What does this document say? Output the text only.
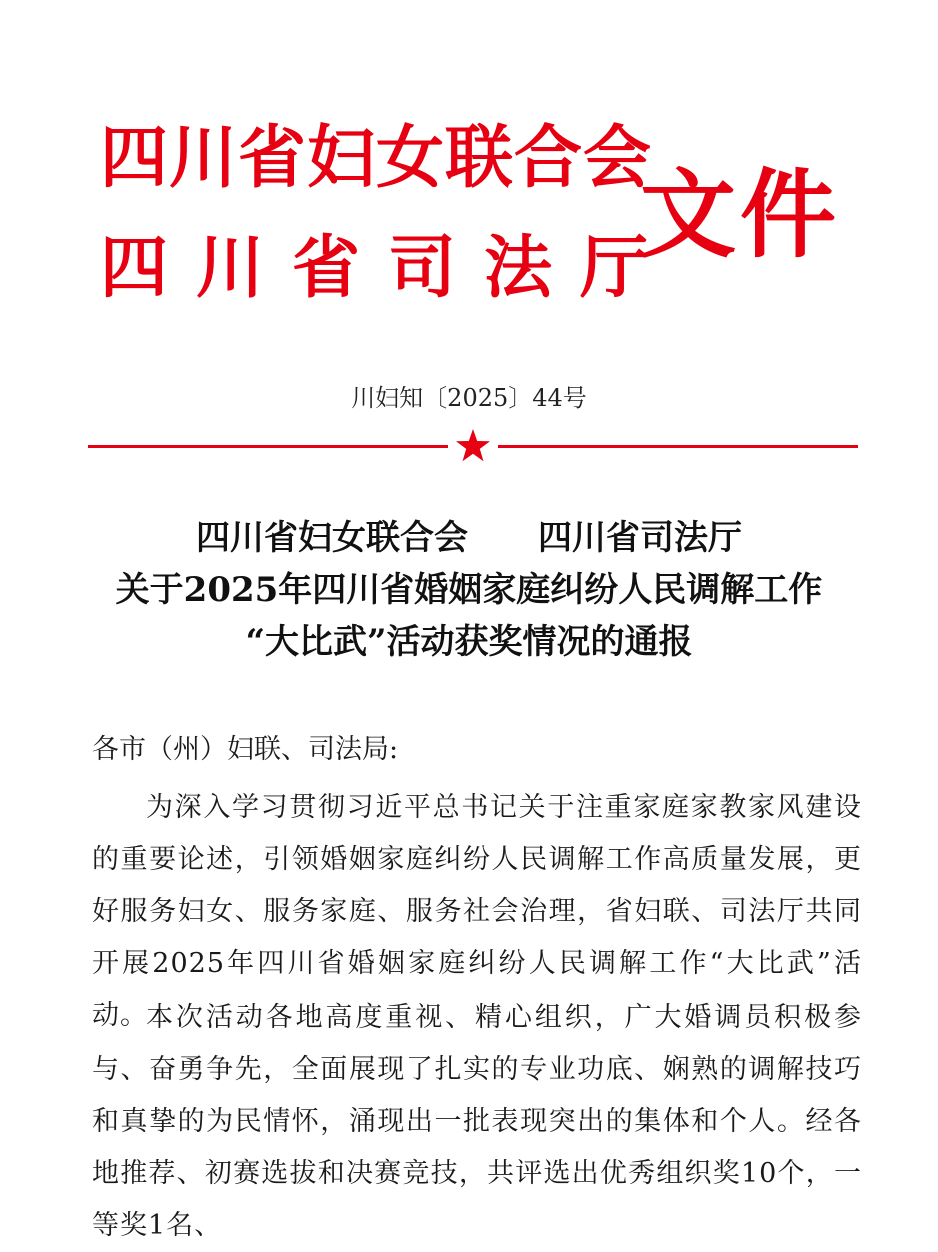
四川省妇女联合会
四川省司法厅
文件
川妇知〔2025〕44号
四川省妇女联合会 四川省司法厅
关于2025年四川省婚姻家庭纠纷人民调解工作
“大比武”活动获奖情况的通报
各市（州）妇联、司法局:

为深入学习贯彻习近平总书记关于注重家庭家教家风建设的重要论述，引领婚姻家庭纠纷人民调解工作高质量发展，更好服务妇女、服务家庭、服务社会治理，省妇联、司法厅共同开展2025年四川省婚姻家庭纠纷人民调解工作“大比武”活动。

本次活动各地高度重视、精心组织，广大婚调员积极参与、奋勇争先，全面展现了扎实的专业功底、娴熟的调解技巧和真挚的为民情怀，涌现出一批表现突出的集体和个人。经各地推荐、初赛选拔和决赛竞技，共评选出优秀组织奖10个，一等奖1名、
